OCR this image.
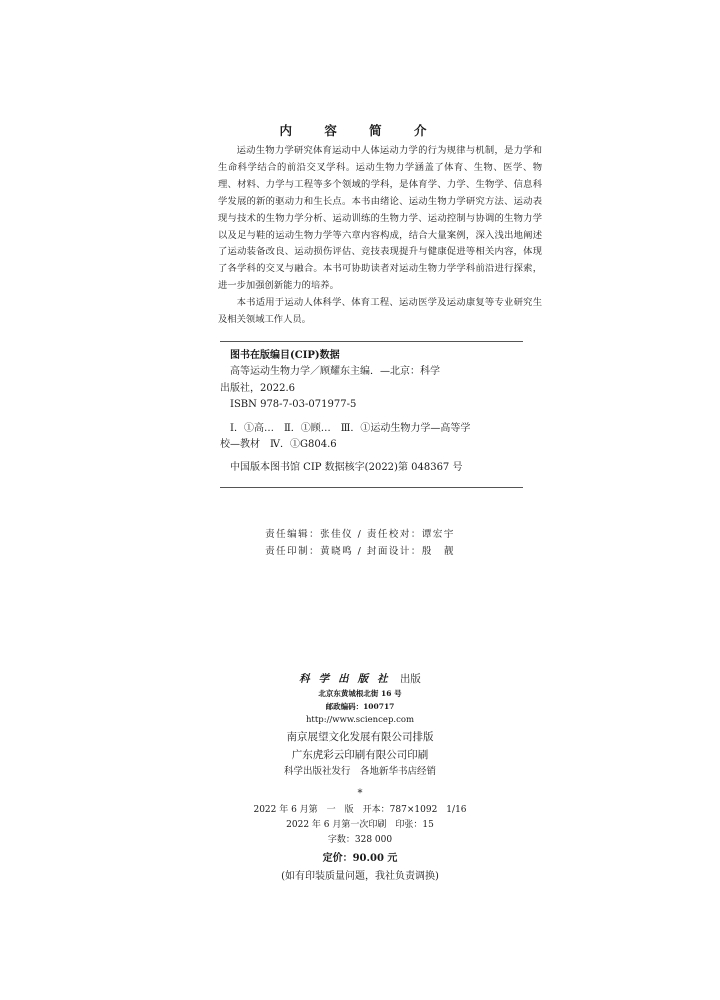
内 容 简 介

运动生物力学研究体育运动中人体运动力学的行为规律与机制，是力学和生命科学结合的前沿交叉学科。运动生物力学涵盖了体育、生物、医学、物理、材料、力学与工程等多个领域的学科，是体育学、力学、生物学、信息科学发展的新的驱动力和生长点。本书由绪论、运动生物力学研究方法、运动表现与技术的生物力学分析、运动训练的生物力学、运动控制与协调的生物力学以及足与鞋的运动生物力学等六章内容构成，结合大量案例，深入浅出地阐述了运动装备改良、运动损伤评估、竞技表现提升与健康促进等相关内容，体现了各学科的交叉与融合。本书可协助读者对运动生物力学学科前沿进行探索，进一步加强创新能力的培养。

本书适用于运动人体科学、体育工程、运动医学及运动康复等专业研究生及相关领域工作人员。

图书在版编目(CIP)数据
高等运动生物力学／顾耀东主编．—北京：科学
出版社，2022.6
ISBN 978-7-03-071977-5
Ⅰ．①高…　Ⅱ．①顾…　Ⅲ．①运动生物力学—高等学
校—教材　Ⅳ．①G804.6
中国版本图书馆 CIP 数据核字(2022)第 048367 号
责任编辑：张佳仪 / 责任校对：谭宏宇
责任印制：黄晓鸣 / 封面设计：殷　靓
科学出版社 出版
北京东黄城根北街 16 号
邮政编码：100717
http://www.sciencep.com
南京展望文化发展有限公司排版
广东虎彩云印刷有限公司印刷
科学出版社发行　各地新华书店经销
*
2022 年 6 月第　一　版　开本：787×1092　1/16
2022 年 6 月第一次印刷　印张：15
字数：328 000
定价：90.00 元
(如有印装质量问题，我社负责调换)
